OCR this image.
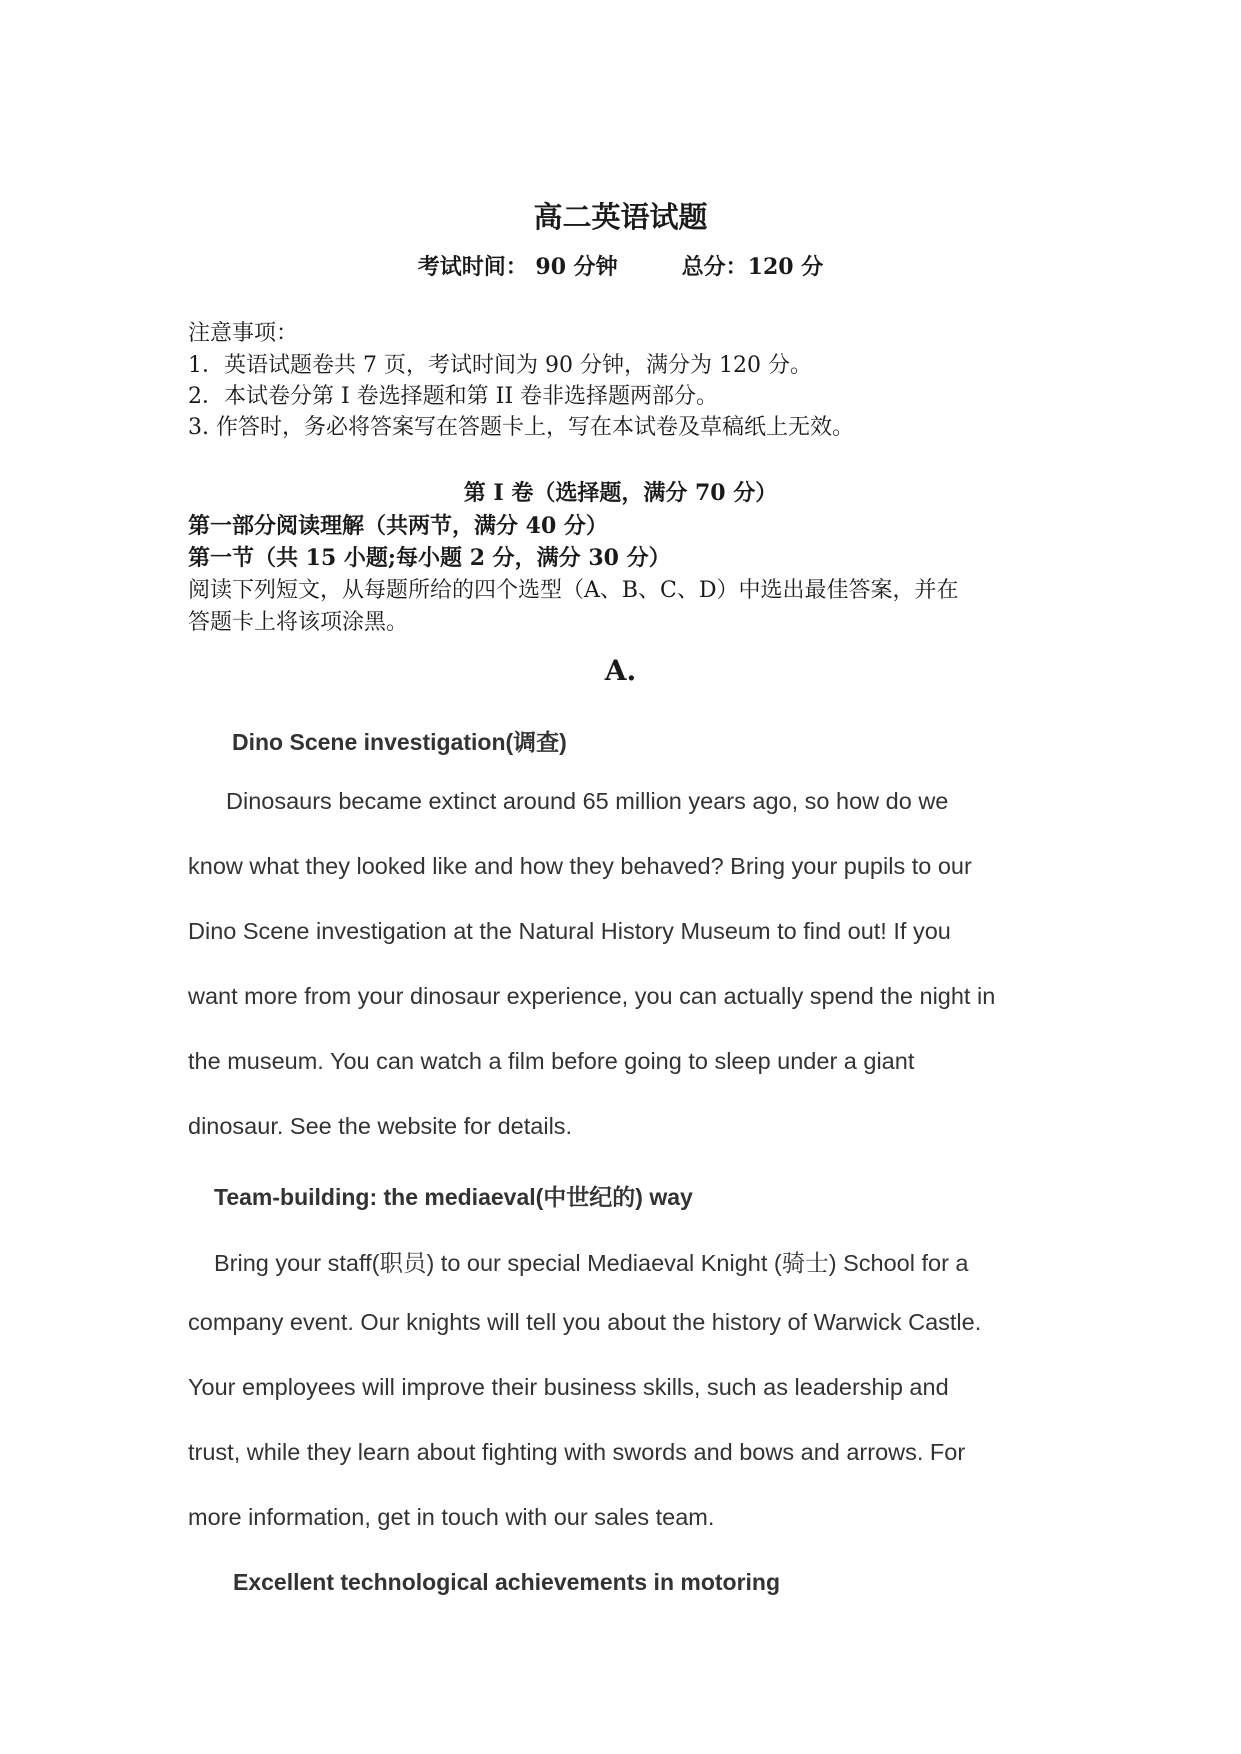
高二英语试题
考试时间： 90 分钟	总分：120 分
注意事项：
1．英语试题卷共 7 页，考试时间为 90 分钟，满分为 120 分。
2．本试卷分第 I 卷选择题和第 II 卷非选择题两部分。
3. 作答时，务必将答案写在答题卡上，写在本试卷及草稿纸上无效。
第 I 卷（选择题，满分 70 分）
第一部分阅读理解（共两节，满分 40 分）
第一节（共 15 小题;每小题 2 分，满分 30 分）
阅读下列短文，从每题所给的四个选型（A、B、C、D）中选出最佳答案，并在
答题卡上将该项涂黑。
A.
Dino Scene investigation(调查)
Dinosaurs became extinct around 65 million years ago, so how do we
know what they looked like and how they behaved? Bring your pupils to our
Dino Scene investigation at the Natural History Museum to find out! If you
want more from your dinosaur experience, you can actually spend the night in
the museum. You can watch a film before going to sleep under a giant
dinosaur. See the website for details.
Team-building: the mediaeval(中世纪的) way
Bring your staff(职员) to our special Mediaeval Knight (骑士) School for a
company event. Our knights will tell you about the history of Warwick Castle.
Your employees will improve their business skills, such as leadership and
trust, while they learn about fighting with swords and bows and arrows. For
more information, get in touch with our sales team.
Excellent technological achievements in motoring
